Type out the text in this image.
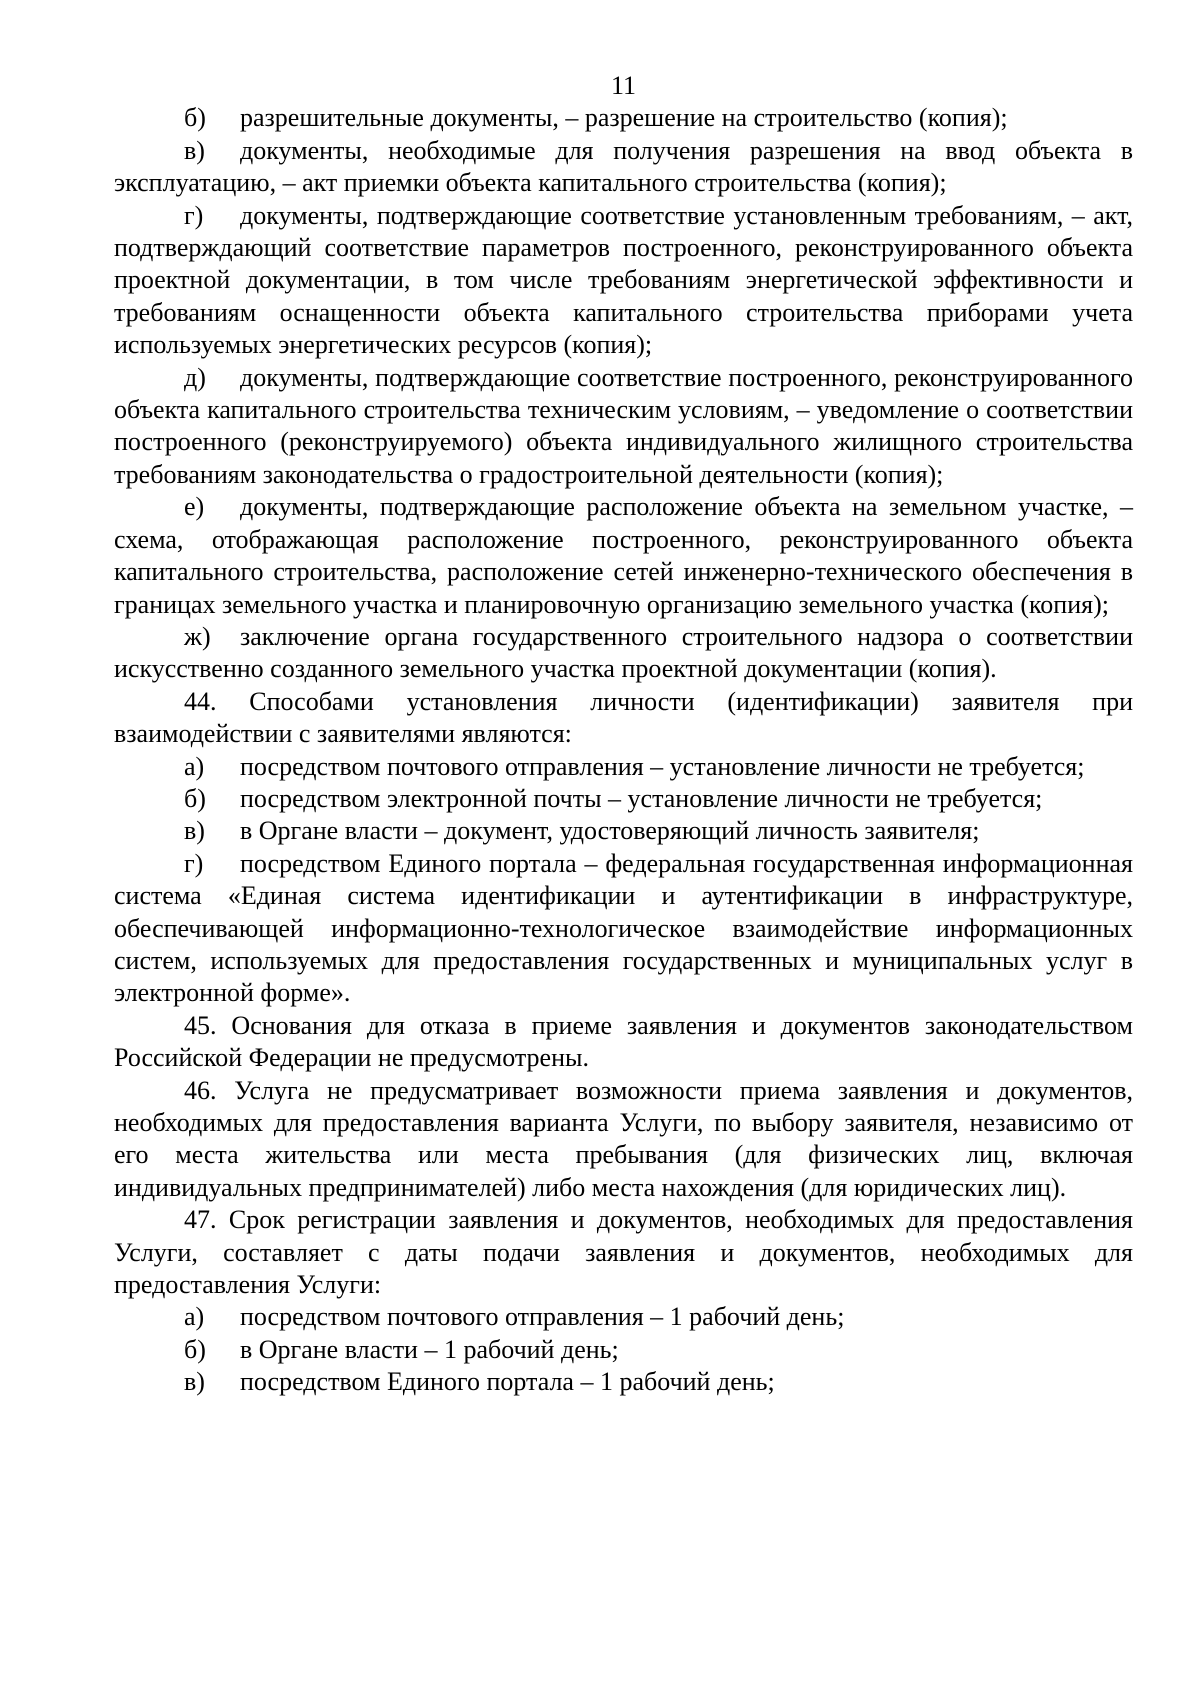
11

б) разрешительные документы, – разрешение на строительство (копия);

в) документы, необходимые для получения разрешения на ввод объекта в эксплуатацию, – акт приемки объекта капитального строительства (копия);

г) документы, подтверждающие соответствие установленным требованиям, – акт, подтверждающий соответствие параметров построенного, реконструированного объекта проектной документации, в том числе требованиям энергетической эффективности и требованиям оснащенности объекта капитального строительства приборами учета используемых энергетических ресурсов (копия);

д) документы, подтверждающие соответствие построенного, реконструированного объекта капитального строительства техническим условиям, – уведомление о соответствии построенного (реконструируемого) объекта индивидуального жилищного строительства требованиям законодательства о градостроительной деятельности (копия);

е) документы, подтверждающие расположение объекта на земельном участке, – схема, отображающая расположение построенного, реконструированного объекта капитального строительства, расположение сетей инженерно-технического обеспечения в границах земельного участка и планировочную организацию земельного участка (копия);

ж) заключение органа государственного строительного надзора о соответствии искусственно созданного земельного участка проектной документации (копия).

44. Способами установления личности (идентификации) заявителя при взаимодействии с заявителями являются:

а) посредством почтового отправления – установление личности не требуется;

б) посредством электронной почты – установление личности не требуется;

в) в Органе власти – документ, удостоверяющий личность заявителя;

г) посредством Единого портала – федеральная государственная информационная система «Единая система идентификации и аутентификации в инфраструктуре, обеспечивающей информационно-технологическое взаимодействие информационных систем, используемых для предоставления государственных и муниципальных услуг в электронной форме».

45. Основания для отказа в приеме заявления и документов законодательством Российской Федерации не предусмотрены.

46. Услуга не предусматривает возможности приема заявления и документов, необходимых для предоставления варианта Услуги, по выбору заявителя, независимо от его места жительства или места пребывания (для физических лиц, включая индивидуальных предпринимателей) либо места нахождения (для юридических лиц).

47. Срок регистрации заявления и документов, необходимых для предоставления Услуги, составляет с даты подачи заявления и документов, необходимых для предоставления Услуги:

а) посредством почтового отправления – 1 рабочий день;

б) в Органе власти – 1 рабочий день;

в) посредством Единого портала – 1 рабочий день;
